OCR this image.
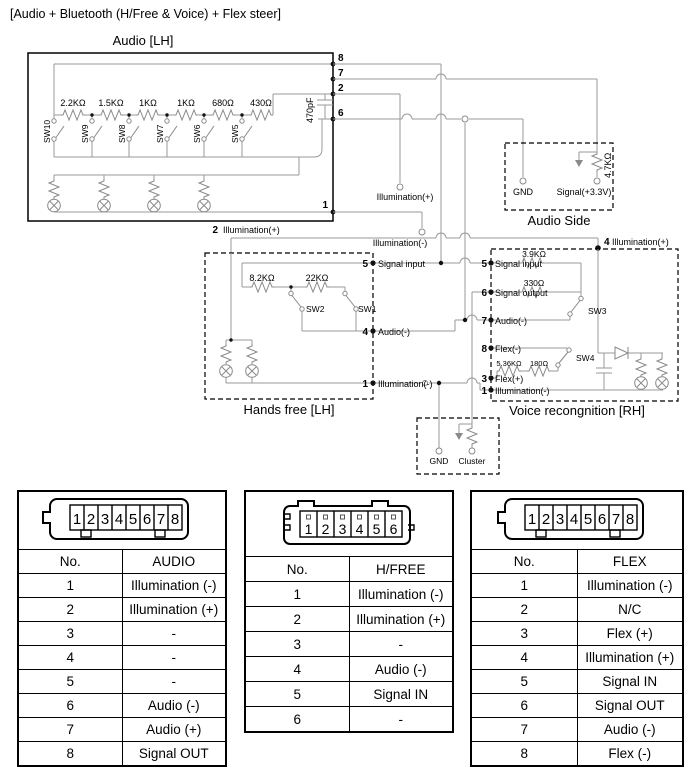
[Audio + Bluetooth (H/Free & Voice) + Flex steer]
Audio [LH]
2.2KΩ 1.5KΩ 1KΩ 1KΩ 680Ω 430Ω
SW10	SW9	SW8	SW7	SW6	SW5
470pF
8
7
2
6
1
Illumination(+)
Illumination(-)
2 Illumination(+)
GND	Signal(+3.3V)
4.7KΩ
Audio Side
8.2KΩ	22KΩ
SW2	SW1
5 Signal input
4 Audio(-)
1 Illumination(-)
Hands free [LH]
4 Illumination(+)
5 Signal input
6 Signal output
7 Audio(-)
8 Flex(-)
3 Flex(+)
1 Illumination(-)
3.9KΩ
330Ω
5.36KΩ 180Ω
SW3
SW4
Voice recongnition [RH]
GND Cluster
1 2 3 4 5 6 7 8

No.	AUDIO
1	Illumination (-)
2	Illumination (+)
3	-
4	-
5	-
6	Audio (-)
7	Audio (+)
8	Signal OUT
1 2 3 4 5 6

No.	H/FREE
1	Illumination (-)
2	Illumination (+)
3	-
4	Audio (-)
5	Signal IN
6	-
1 2 3 4 5 6 7 8

No.	FLEX
1	Illumination (-)
2	N/C
3	Flex (+)
4	Illumination (+)
5	Signal IN
6	Signal OUT
7	Audio (-)
8	Flex (-)
